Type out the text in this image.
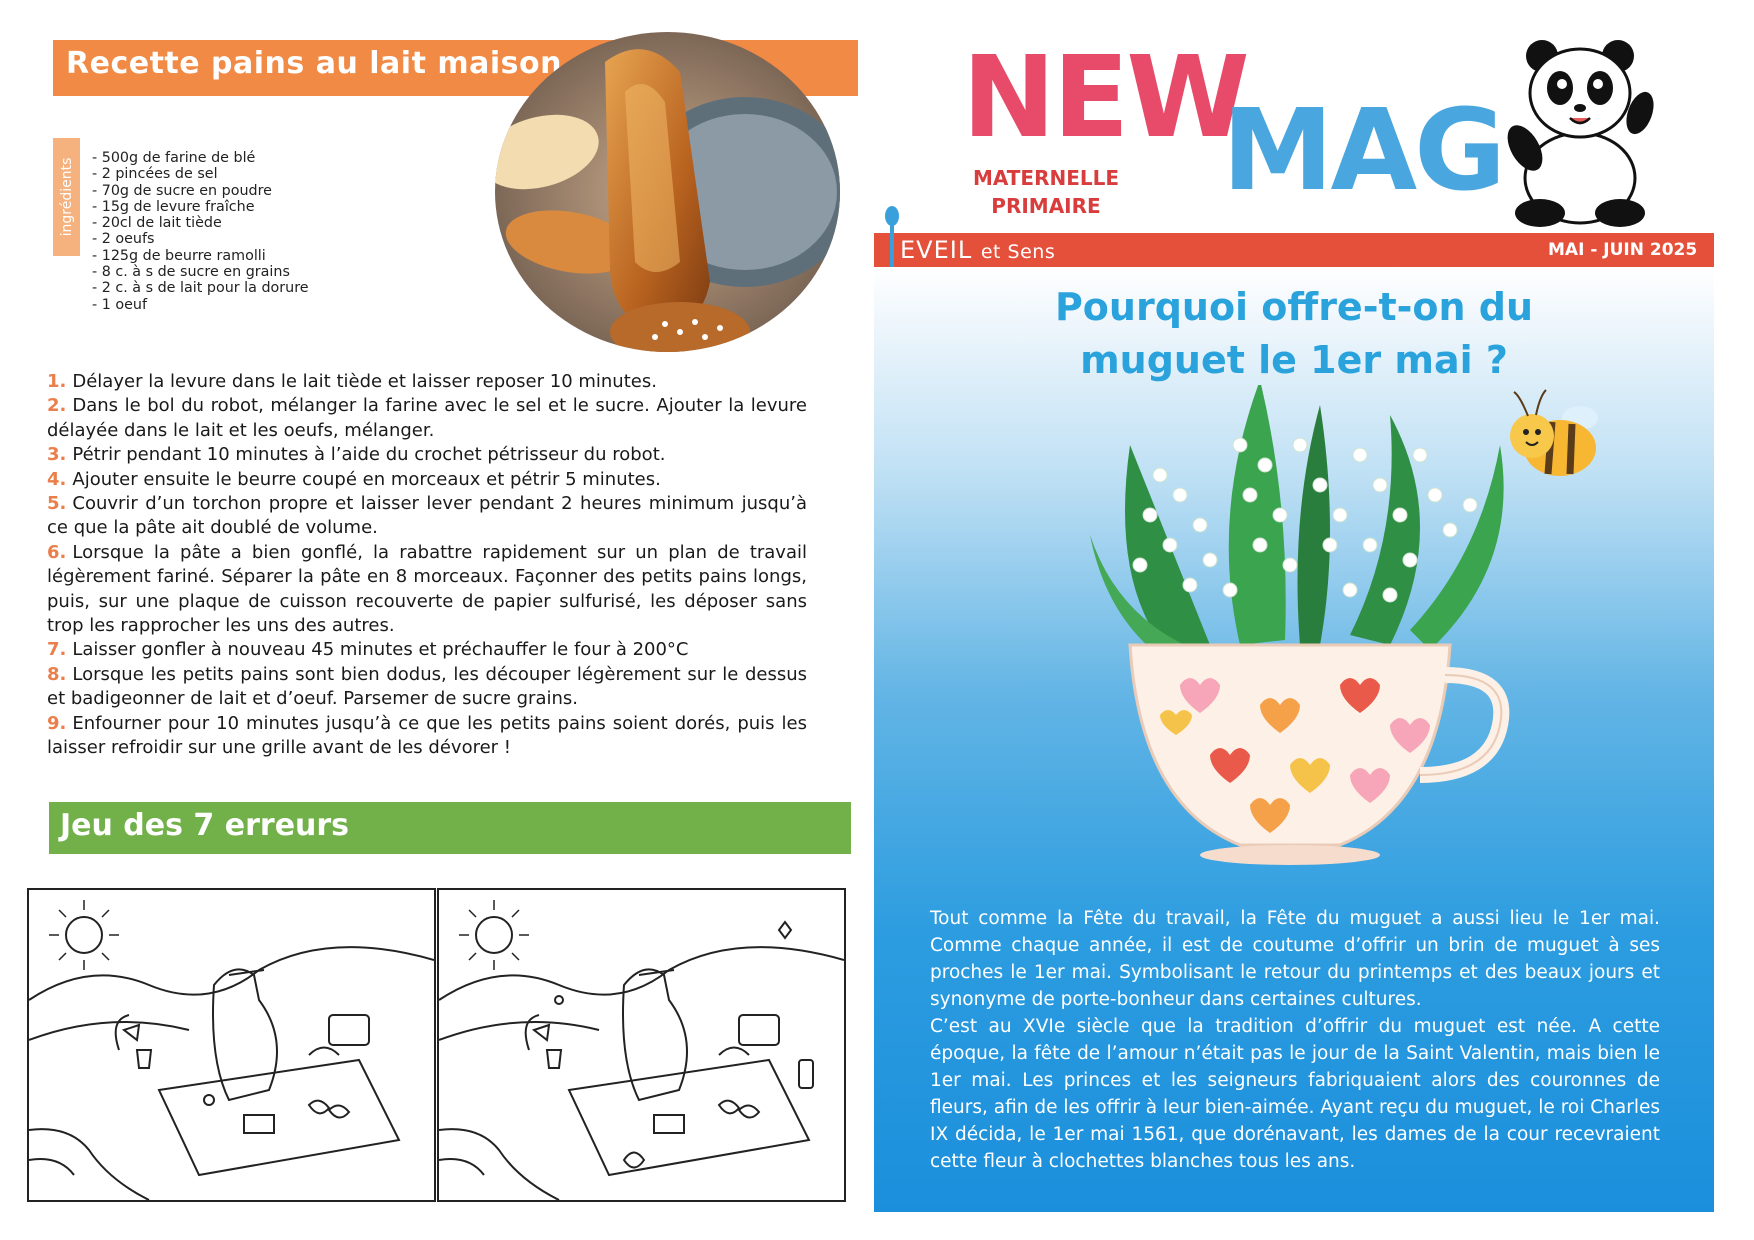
Recette pains au lait maison
ingrédients
-	500g de farine de blé
- 2 pincées de sel
- 70g de sucre en poudre
- 15g de levure fraîche
- 20cl de lait tiède
- 2 oeufs
- 125g de beurre ramolli
- 8 c. à s de sucre en grains
- 2 c. à s de lait pour la dorure
- 1 oeuf
1. Délayer la levure dans le lait tiède et laisser reposer 10 minutes.
2. Dans le bol du robot, mélanger la farine avec le sel et le sucre. Ajouter la levure délayée dans le lait et les oeufs, mélanger.
3. Pétrir pendant 10 minutes à l’aide du crochet pétrisseur du robot.
4. Ajouter ensuite le beurre coupé en morceaux et pétrir 5 minutes.
5. Couvrir d’un torchon propre et laisser lever pendant 2 heures minimum jusqu’à ce que la pâte ait doublé de volume.
6. Lorsque la pâte a bien gonflé, la rabattre rapidement sur un plan de travail légèrement fariné. Séparer la pâte en 8 morceaux. Façonner des petits pains longs, puis, sur une plaque de cuisson recouverte de papier sulfurisé, les déposer sans trop les rapprocher les uns des autres.
7. Laisser gonfler à nouveau 45 minutes et préchauffer le four à 200°C
8. Lorsque les petits pains sont bien dodus, les découper légèrement sur le dessus et badigeonner de lait et d’oeuf. Parsemer de sucre grains.
9. Enfourner pour 10 minutes jusqu’à ce que les petits pains soient dorés, puis les laisser refroidir sur une grille avant de les dévorer !
Jeu des 7 erreurs
NEW
MAG
MATERNELLE
PRIMAIRE
EVEIL et Sens	MAI - JUIN 2025
Pourquoi offre-t-on du
muguet le 1er mai ?

Tout comme la Fête du travail, la Fête du muguet a aussi lieu le 1er mai. Comme chaque année, il est de coutume d’offrir un brin de muguet à ses proches le 1er mai. Symbolisant le retour du printemps et des beaux jours et synonyme de porte-bonheur dans certaines cultures.

C’est au XVIe siècle que la tradition d’offrir du muguet est née. A cette époque, la fête de l’amour n’était pas le jour de la Saint Valentin, mais bien le 1er mai. Les princes et les seigneurs fabriquaient alors des couronnes de fleurs, afin de les offrir à leur bien-aimée. Ayant reçu du muguet, le roi Charles IX décida, le 1er mai 1561, que dorénavant, les dames de la cour recevraient cette fleur à clochettes blanches tous les ans.
